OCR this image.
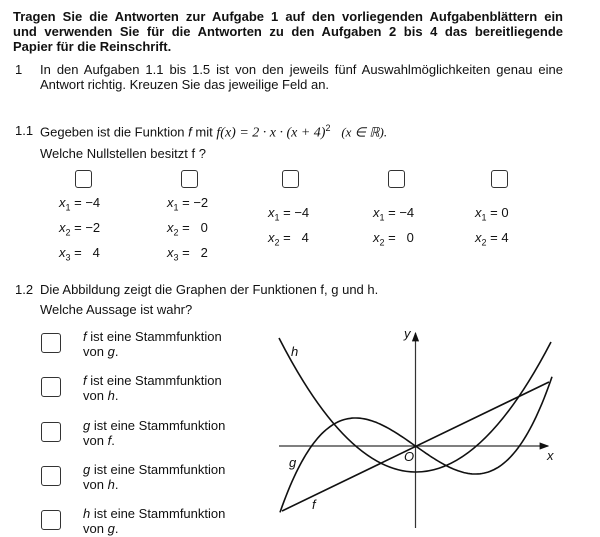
Tragen Sie die Antworten zur Aufgabe 1 auf den vorliegenden Aufgabenblättern ein
und verwenden Sie für die Antworten zu den Aufgaben 2 bis 4 das bereitliegende
Papier für die Reinschrift.
1 In den Aufgaben 1.1 bis 1.5 ist von den jeweils fünf Auswahlmöglichkeiten genau eine
Antwort richtig. Kreuzen Sie das jeweilige Feld an.
1.1 Gegeben ist die Funktion f mit $f(x) = 2 \cdot x \cdot (x + 4)^2$ (x ∈ ℝ).
Welche Nullstellen besitzt f ?
$x_1 = -4$
$x_2 = -2$
$x_3 = 4$
$x_1 = -2$
$x_2 = 0$
$x_3 = 2$
$x_1 = -4$
$x_2 = 4$
$x_1 = -4$
$x_2 = 0$
$x_1 = 0$
$x_2 = 4$
1.2 Die Abbildung zeigt die Graphen der Funktionen f, g und h.
Welche Aussage ist wahr?
f ist eine Stammfunktion
von g.
f ist eine Stammfunktion
von h.
g ist eine Stammfunktion
von f.
g ist eine Stammfunktion
von h.
h ist eine Stammfunktion
von g.
h
g
f
O
y
x
